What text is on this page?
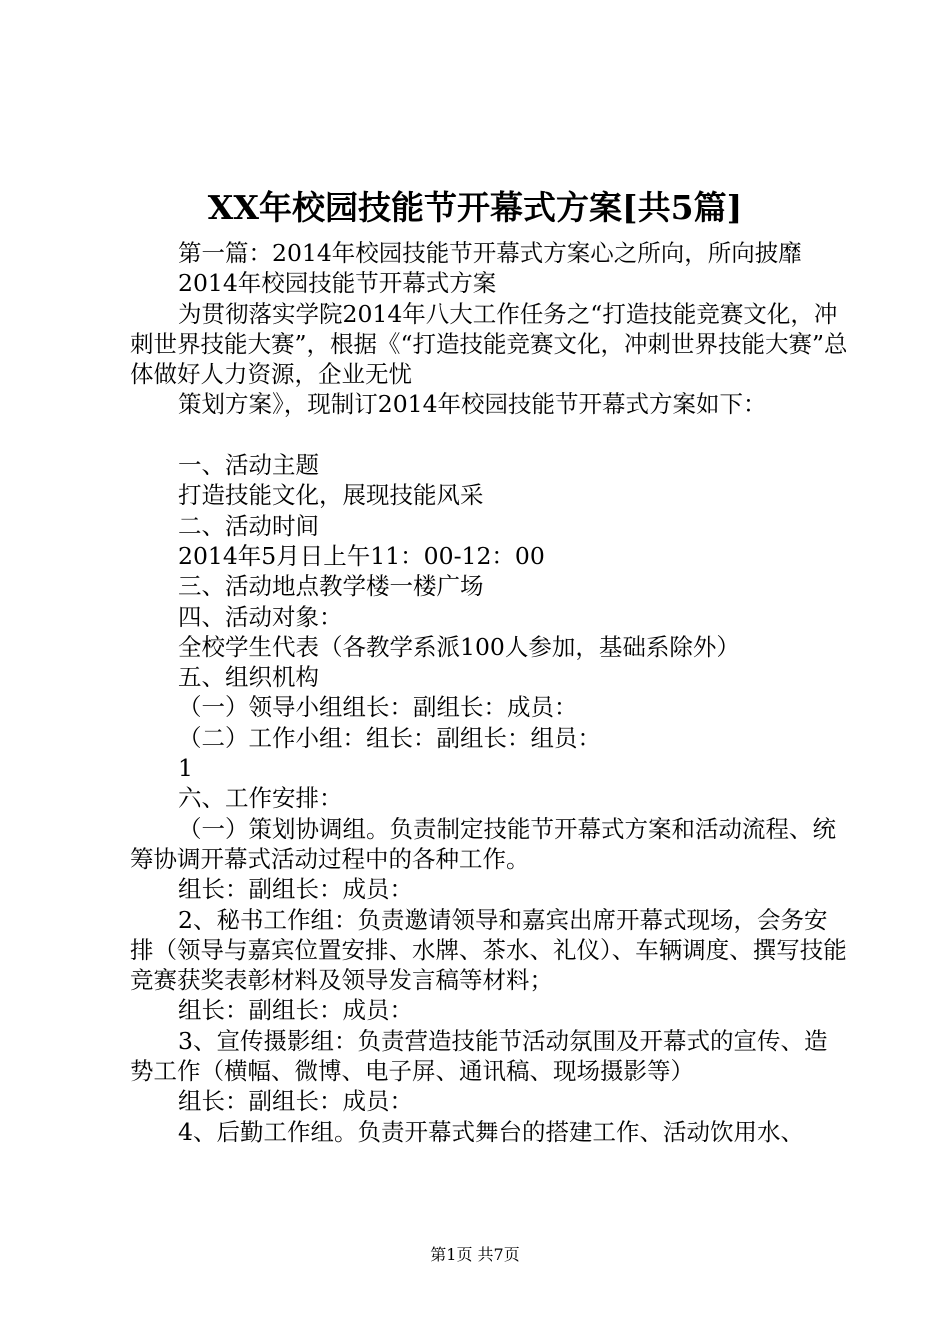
XX年校园技能节开幕式方案[共5篇]

第一篇：2014年校园技能节开幕式方案心之所向，所向披靡

2014年校园技能节开幕式方案

为贯彻落实学院2014年八大工作任务之“打造技能竞赛文化，冲刺世界技能大赛”，根据《“打造技能竞赛文化，冲刺世界技能大赛”总体做好人力资源，企业无忧

策划方案》，现制订2014年校园技能节开幕式方案如下：

一、活动主题

打造技能文化，展现技能风采

二、活动时间

2014年5月日上午11：00-12：00

三、活动地点教学楼一楼广场

四、活动对象：

全校学生代表（各教学系派100人参加，基础系除外）

五、组织机构

（一）领导小组组长：副组长：成员：

（二）工作小组：组长：副组长：组员：

1

六、工作安排：

（一）策划协调组。负责制定技能节开幕式方案和活动流程、统筹协调开幕式活动过程中的各种工作。

组长：副组长：成员：

2、秘书工作组：负责邀请领导和嘉宾出席开幕式现场，会务安排（领导与嘉宾位置安排、水牌、茶水、礼仪）、车辆调度、撰写技能竞赛获奖表彰材料及领导发言稿等材料；

组长：副组长：成员：

3、宣传摄影组：负责营造技能节活动氛围及开幕式的宣传、造势工作（横幅、微博、电子屏、通讯稿、现场摄影等）

组长：副组长：成员：

4、后勤工作组。负责开幕式舞台的搭建工作、活动饮用水、

第1页 共7页
